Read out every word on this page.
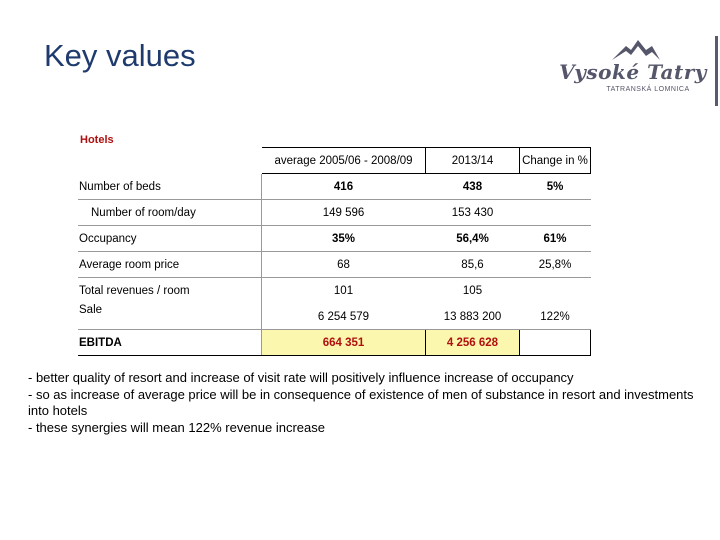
Key values	Vysoké Tatry
TATRANSKÁ LOMNICA
Hotels
	average 2005/06 - 2008/09	2013/14	Change in %
Number of beds	416	438	5%
Number of room/day	149 596	153 430	
Occupancy	35%	56,4%	61%
Average room price	68	85,6	25,8%
Total revenues / room	101	105	
Sale	6 254 579	13 883 200	122%
EBITDA	664 351	4 256 628	
- better quality of resort and increase of visit rate will positively influence increase of occupancy
- so as increase of average price will be in consequence of existence of men of substance in resort and investments into hotels
- these synergies will mean 122% revenue increase
